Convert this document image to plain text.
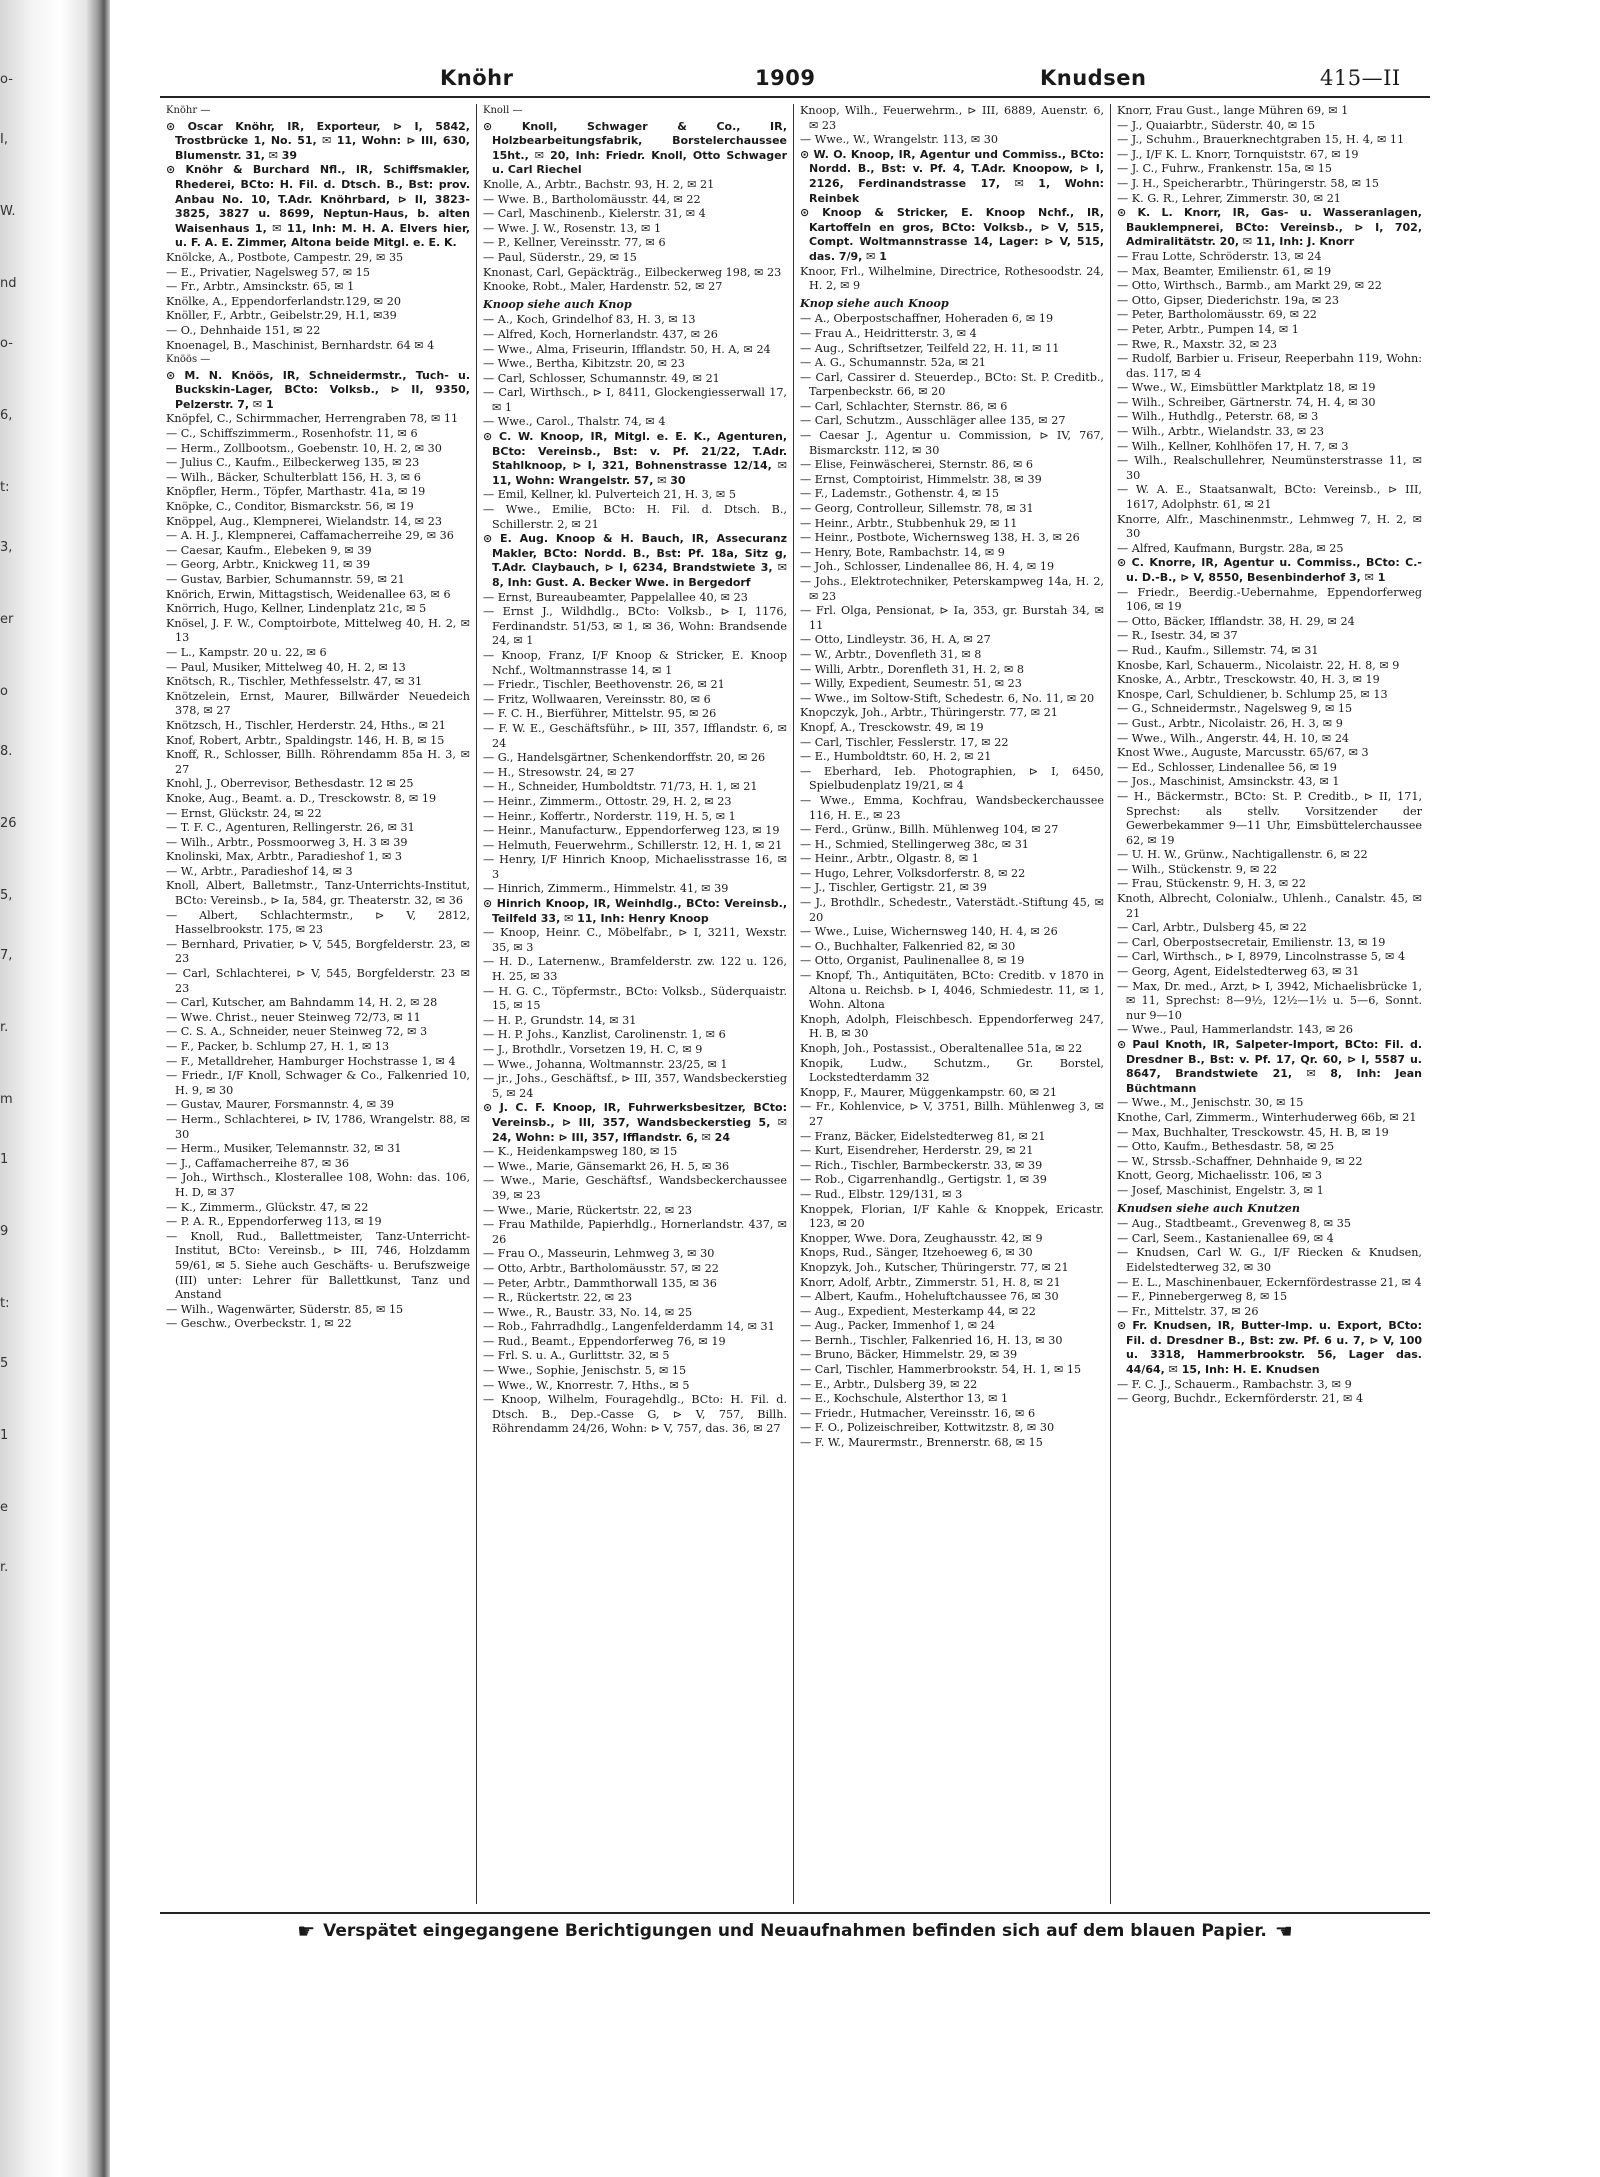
o-
I,
W.
nd
o-
6,
t:
3,
er
o
8.
26
5,
7,
r.
m
1
9
t:
5
1
e
r.
Knöhr	1909	Knudsen	415—II

Knöhr —

⊙ Oscar Knöhr, IR, Exporteur, ⊳ I, 5842, Trostbrücke 1, No. 51, ✉ 11, Wohn: ⊳ III, 630, Blumenstr. 31, ✉ 39

⊙ Knöhr & Burchard Nfl., IR, Schiffsmakler, Rhederei, BCto: H. Fil. d. Dtsch. B., Bst: prov. Anbau No. 10, T.Adr. Knöhrbard, ⊳ II, 3823-3825, 3827 u. 8699, Neptun-Haus, b. alten Waisenhaus 1, ✉ 11, Inh: M. H. A. Elvers hier, u. F. A. E. Zimmer, Altona beide Mitgl. e. E. K.

Knölcke, A., Postbote, Campestr. 29, ✉ 35

— E., Privatier, Nagelsweg 57, ✉ 15

— Fr., Arbtr., Amsinckstr. 65, ✉ 1

Knölke, A., Eppendorferlandstr.129, ✉ 20

Knöller, F., Arbtr., Geibelstr.29, H.1, ✉39

— O., Dehnhaide 151, ✉ 22

Knoenagel, B., Maschinist, Bernhardstr. 64 ✉ 4

Knöös —

⊙ M. N. Knöös, IR, Schneidermstr., Tuch- u. Buckskin-Lager, BCto: Volksb., ⊳ II, 9350, Pelzerstr. 7, ✉ 1

Knöpfel, C., Schirmmacher, Herrengraben 78, ✉ 11

— C., Schiffszimmerm., Rosenhofstr. 11, ✉ 6

— Herm., Zollbootsm., Goebenstr. 10, H. 2, ✉ 30

— Julius C., Kaufm., Eilbeckerweg 135, ✉ 23

— Wilh., Bäcker, Schulterblatt 156, H. 3, ✉ 6

Knöpfler, Herm., Töpfer, Marthastr. 41a, ✉ 19

Knöpke, C., Conditor, Bismarckstr. 56, ✉ 19

Knöppel, Aug., Klempnerei, Wielandstr. 14, ✉ 23

— A. H. J., Klempnerei, Caffamacherreihe 29, ✉ 36

— Caesar, Kaufm., Elebeken 9, ✉ 39

— Georg, Arbtr., Knickweg 11, ✉ 39

— Gustav, Barbier, Schumannstr. 59, ✉ 21

Knörich, Erwin, Mittagstisch, Weidenallee 63, ✉ 6

Knörrich, Hugo, Kellner, Lindenplatz 21c, ✉ 5

Knösel, J. F. W., Comptoirbote, Mittelweg 40, H. 2, ✉ 13

— L., Kampstr. 20 u. 22, ✉ 6

— Paul, Musiker, Mittelweg 40, H. 2, ✉ 13

Knötsch, R., Tischler, Methfesselstr. 47, ✉ 31

Knötzelein, Ernst, Maurer, Billwärder Neuedeich 378, ✉ 27

Knötzsch, H., Tischler, Herderstr. 24, Hths., ✉ 21

Knof, Robert, Arbtr., Spaldingstr. 146, H. B, ✉ 15

Knoff, R., Schlosser, Billh. Röhrendamm 85a H. 3, ✉ 27

Knohl, J., Oberrevisor, Bethesdastr. 12 ✉ 25

Knoke, Aug., Beamt. a. D., Tresckowstr. 8, ✉ 19

— Ernst, Glückstr. 24, ✉ 22

— T. F. C., Agenturen, Rellingerstr. 26, ✉ 31

— Wilh., Arbtr., Possmoorweg 3, H. 3 ✉ 39

Knolinski, Max, Arbtr., Paradieshof 1, ✉ 3

— W., Arbtr., Paradieshof 14, ✉ 3

Knoll, Albert, Balletmstr., Tanz-Unterrichts-Institut, BCto: Vereinsb., ⊳ Ia, 584, gr. Theaterstr. 32, ✉ 36

— Albert, Schlachtermstr., ⊳ V, 2812, Hasselbrookstr. 175, ✉ 23

— Bernhard, Privatier, ⊳ V, 545, Borgfelderstr. 23, ✉ 23

— Carl, Schlachterei, ⊳ V, 545, Borgfelderstr. 23 ✉ 23

— Carl, Kutscher, am Bahndamm 14, H. 2, ✉ 28

— Wwe. Christ., neuer Steinweg 72/73, ✉ 11

— C. S. A., Schneider, neuer Steinweg 72, ✉ 3

— F., Packer, b. Schlump 27, H. 1, ✉ 13

— F., Metalldreher, Hamburger Hochstrasse 1, ✉ 4

— Friedr., I/F Knoll, Schwager & Co., Falkenried 10, H. 9, ✉ 30

— Gustav, Maurer, Forsmannstr. 4, ✉ 39

— Herm., Schlachterei, ⊳ IV, 1786, Wrangelstr. 88, ✉ 30

— Herm., Musiker, Telemannstr. 32, ✉ 31

— J., Caffamacherreihe 87, ✉ 36

— Joh., Wirthsch., Klosterallee 108, Wohn: das. 106, H. D, ✉ 37

— K., Zimmerm., Glückstr. 47, ✉ 22

— P. A. R., Eppendorferweg 113, ✉ 19

— Knoll, Rud., Ballettmeister, Tanz-Unterricht-Institut, BCto: Vereinsb., ⊳ III, 746, Holzdamm 59/61, ✉ 5. Siehe auch Geschäfts- u. Berufszweige (III) unter: Lehrer für Ballettkunst, Tanz und Anstand

— Wilh., Wagenwärter, Süderstr. 85, ✉ 15

— Geschw., Overbeckstr. 1, ✉ 22

Knoll —

⊙ Knoll, Schwager & Co., IR, Holzbearbeitungsfabrik, Borstelerchaussee 15ht., ✉ 20, Inh: Friedr. Knoll, Otto Schwager u. Carl Riechel

Knolle, A., Arbtr., Bachstr. 93, H. 2, ✉ 21

— Wwe. B., Bartholomäusstr. 44, ✉ 22

— Carl, Maschinenb., Kielerstr. 31, ✉ 4

— Wwe. J. W., Rosenstr. 13, ✉ 1

— P., Kellner, Vereinsstr. 77, ✉ 6

— Paul, Süderstr., 29, ✉ 15

Knonast, Carl, Gepäckträg., Eilbeckerweg 198, ✉ 23

Knooke, Robt., Maler, Hardenstr. 52, ✉ 27

Knoop siehe auch Knop

— A., Koch, Grindelhof 83, H. 3, ✉ 13

— Alfred, Koch, Hornerlandstr. 437, ✉ 26

— Wwe., Alma, Friseurin, Ifflandstr. 50, H. A, ✉ 24

— Wwe., Bertha, Kibitzstr. 20, ✉ 23

— Carl, Schlosser, Schumannstr. 49, ✉ 21

— Carl, Wirthsch., ⊳ I, 8411, Glockengiesserwall 17, ✉ 1

— Wwe., Carol., Thalstr. 74, ✉ 4

⊙ C. W. Knoop, IR, Mitgl. e. E. K., Agenturen, BCto: Vereinsb., Bst: v. Pf. 21/22, T.Adr. Stahlknoop, ⊳ I, 321, Bohnenstrasse 12/14, ✉ 11, Wohn: Wrangelstr. 57, ✉ 30

— Emil, Kellner, kl. Pulverteich 21, H. 3, ✉ 5

— Wwe., Emilie, BCto: H. Fil. d. Dtsch. B., Schillerstr. 2, ✉ 21

⊙ E. Aug. Knoop & H. Bauch, IR, Assecuranz Makler, BCto: Nordd. B., Bst: Pf. 18a, Sitz g, T.Adr. Claybauch, ⊳ I, 6234, Brandstwiete 3, ✉ 8, Inh: Gust. A. Becker Wwe. in Bergedorf

— Ernst, Bureaubeamter, Pappelallee 40, ✉ 23

— Ernst J., Wildhdlg., BCto: Volksb., ⊳ I, 1176, Ferdinandstr. 51/53, ✉ 1, ✉ 36, Wohn: Brandsende 24, ✉ 1

— Knoop, Franz, I/F Knoop & Stricker, E. Knoop Nchf., Woltmannstrasse 14, ✉ 1

— Friedr., Tischler, Beethovenstr. 26, ✉ 21

— Fritz, Wollwaaren, Vereinsstr. 80, ✉ 6

— F. C. H., Bierführer, Mittelstr. 95, ✉ 26

— F. W. E., Geschäftsführ., ⊳ III, 357, Ifflandstr. 6, ✉ 24

— G., Handelsgärtner, Schenkendorffstr. 20, ✉ 26

— H., Stresowstr. 24, ✉ 27

— H., Schneider, Humboldtstr. 71/73, H. 1, ✉ 21

— Heinr., Zimmerm., Ottostr. 29, H. 2, ✉ 23

— Heinr., Koffertr., Norderstr. 119, H. 5, ✉ 1

— Heinr., Manufacturw., Eppendorferweg 123, ✉ 19

— Helmuth, Feuerwehrm., Schillerstr. 12, H. 1, ✉ 21

— Henry, I/F Hinrich Knoop, Michaelisstrasse 16, ✉ 3

— Hinrich, Zimmerm., Himmelstr. 41, ✉ 39

⊙ Hinrich Knoop, IR, Weinhdlg., BCto: Vereinsb., Teilfeld 33, ✉ 11, Inh: Henry Knoop

— Knoop, Heinr. C., Möbelfabr., ⊳ I, 3211, Wexstr. 35, ✉ 3

— H. D., Laternenw., Bramfelderstr. zw. 122 u. 126, H. 25, ✉ 33

— H. G. C., Töpfermstr., BCto: Volksb., Süderquaistr. 15, ✉ 15

— H. P., Grundstr. 14, ✉ 31

— H. P. Johs., Kanzlist, Carolinenstr. 1, ✉ 6

— J., Brothdlr., Vorsetzen 19, H. C, ✉ 9

— Wwe., Johanna, Woltmannstr. 23/25, ✉ 1

— jr., Johs., Geschäftsf., ⊳ III, 357, Wandsbeckerstieg 5, ✉ 24

⊙ J. C. F. Knoop, IR, Fuhrwerksbesitzer, BCto: Vereinsb., ⊳ III, 357, Wandsbeckerstieg 5, ✉ 24, Wohn: ⊳ III, 357, Ifflandstr. 6, ✉ 24

— K., Heidenkampsweg 180, ✉ 15

— Wwe., Marie, Gänsemarkt 26, H. 5, ✉ 36

— Wwe., Marie, Geschäftsf., Wandsbeckerchaussee 39, ✉ 23

— Wwe., Marie, Rückertstr. 22, ✉ 23

— Frau Mathilde, Papierhdlg., Hornerlandstr. 437, ✉ 26

— Frau O., Masseurin, Lehmweg 3, ✉ 30

— Otto, Arbtr., Bartholomäusstr. 57, ✉ 22

— Peter, Arbtr., Dammthorwall 135, ✉ 36

— R., Rückertstr. 22, ✉ 23

— Wwe., R., Baustr. 33, No. 14, ✉ 25

— Rob., Fahrradhdlg., Langenfelderdamm 14, ✉ 31

— Rud., Beamt., Eppendorferweg 76, ✉ 19

— Frl. S. u. A., Gurlittstr. 32, ✉ 5

— Wwe., Sophie, Jenischstr. 5, ✉ 15

— Wwe., W., Knorrestr. 7, Hths., ✉ 5

— Knoop, Wilhelm, Fouragehdlg., BCto: H. Fil. d. Dtsch. B., Dep.-Casse G, ⊳ V, 757, Billh. Röhrendamm 24/26, Wohn: ⊳ V, 757, das. 36, ✉ 27

Knoop, Wilh., Feuerwehrm., ⊳ III, 6889, Auenstr. 6, ✉ 23

— Wwe., W., Wrangelstr. 113, ✉ 30

⊙ W. O. Knoop, IR, Agentur und Commiss., BCto: Nordd. B., Bst: v. Pf. 4, T.Adr. Knoopow, ⊳ I, 2126, Ferdinandstrasse 17, ✉ 1, Wohn: Reinbek

⊙ Knoop & Stricker, E. Knoop Nchf., IR, Kartoffeln en gros, BCto: Volksb., ⊳ V, 515, Compt. Woltmannstrasse 14, Lager: ⊳ V, 515, das. 7/9, ✉ 1

Knoor, Frl., Wilhelmine, Directrice, Rothesoodstr. 24, H. 2, ✉ 9

Knop siehe auch Knoop

— A., Oberpostschaffner, Hoheraden 6, ✉ 19

— Frau A., Heidritterstr. 3, ✉ 4

— Aug., Schriftsetzer, Teilfeld 22, H. 11, ✉ 11

— A. G., Schumannstr. 52a, ✉ 21

— Carl, Cassirer d. Steuerdep., BCto: St. P. Creditb., Tarpenbeckstr. 66, ✉ 20

— Carl, Schlachter, Sternstr. 86, ✉ 6

— Carl, Schutzm., Ausschläger allee 135, ✉ 27

— Caesar J., Agentur u. Commission, ⊳ IV, 767, Bismarckstr. 112, ✉ 30

— Elise, Feinwäscherei, Sternstr. 86, ✉ 6

— Ernst, Comptoirist, Himmelstr. 38, ✉ 39

— F., Lademstr., Gothenstr. 4, ✉ 15

— Georg, Controlleur, Sillemstr. 78, ✉ 31

— Heinr., Arbtr., Stubbenhuk 29, ✉ 11

— Heinr., Postbote, Wichernsweg 138, H. 3, ✉ 26

— Henry, Bote, Rambachstr. 14, ✉ 9

— Joh., Schlosser, Lindenallee 86, H. 4, ✉ 19

— Johs., Elektrotechniker, Peterskampweg 14a, H. 2, ✉ 23

— Frl. Olga, Pensionat, ⊳ Ia, 353, gr. Burstah 34, ✉ 11

— Otto, Lindleystr. 36, H. A, ✉ 27

— W., Arbtr., Dovenfleth 31, ✉ 8

— Willi, Arbtr., Dorenfleth 31, H. 2, ✉ 8

— Willy, Expedient, Seumestr. 51, ✉ 23

— Wwe., im Soltow-Stift, Schedestr. 6, No. 11, ✉ 20

Knopczyk, Joh., Arbtr., Thüringerstr. 77, ✉ 21

Knopf, A., Tresckowstr. 49, ✉ 19

— Carl, Tischler, Fesslerstr. 17, ✉ 22

— E., Humboldtstr. 60, H. 2, ✉ 21

— Eberhard, Ieb. Photographien, ⊳ I, 6450, Spielbudenplatz 19/21, ✉ 4

— Wwe., Emma, Kochfrau, Wandsbeckerchaussee 116, H. E., ✉ 23

— Ferd., Grünw., Billh. Mühlenweg 104, ✉ 27

— H., Schmied, Stellingerweg 38c, ✉ 31

— Heinr., Arbtr., Olgastr. 8, ✉ 1

— Hugo, Lehrer, Volksdorferstr. 8, ✉ 22

— J., Tischler, Gertigstr. 21, ✉ 39

— J., Brothdlr., Schedestr., Vaterstädt.-Stiftung 45, ✉ 20

— Wwe., Luise, Wichernsweg 140, H. 4, ✉ 26

— O., Buchhalter, Falkenried 82, ✉ 30

— Otto, Organist, Paulinenallee 8, ✉ 19

— Knopf, Th., Antiquitäten, BCto: Creditb. v 1870 in Altona u. Reichsb. ⊳ I, 4046, Schmiedestr. 11, ✉ 1, Wohn. Altona

Knoph, Adolph, Fleischbesch. Eppendorferweg 247, H. B, ✉ 30

Knoph, Joh., Postassist., Oberaltenallee 51a, ✉ 22

Knopik, Ludw., Schutzm., Gr. Borstel, Lockstedterdamm 32

Knopp, F., Maurer, Müggenkampstr. 60, ✉ 21

— Fr., Kohlenvice, ⊳ V, 3751, Billh. Mühlenweg 3, ✉ 27

— Franz, Bäcker, Eidelstedterweg 81, ✉ 21

— Kurt, Eisendreher, Herderstr. 29, ✉ 21

— Rich., Tischler, Barmbeckerstr. 33, ✉ 39

— Rob., Cigarrenhandlg., Gertigstr. 1, ✉ 39

— Rud., Elbstr. 129/131, ✉ 3

Knoppek, Florian, I/F Kahle & Knoppek, Ericastr. 123, ✉ 20

Knopper, Wwe. Dora, Zeughausstr. 42, ✉ 9

Knops, Rud., Sänger, Itzehoeweg 6, ✉ 30

Knopzyk, Joh., Kutscher, Thüringerstr. 77, ✉ 21

Knorr, Adolf, Arbtr., Zimmerstr. 51, H. 8, ✉ 21

— Albert, Kaufm., Hoheluftchaussee 76, ✉ 30

— Aug., Expedient, Mesterkamp 44, ✉ 22

— Aug., Packer, Immenhof 1, ✉ 24

— Bernh., Tischler, Falkenried 16, H. 13, ✉ 30

— Bruno, Bäcker, Himmelstr. 29, ✉ 39

— Carl, Tischler, Hammerbrookstr. 54, H. 1, ✉ 15

— E., Arbtr., Dulsberg 39, ✉ 22

— E., Kochschule, Alsterthor 13, ✉ 1

— Friedr., Hutmacher, Vereinsstr. 16, ✉ 6

— F. O., Polizeischreiber, Kottwitzstr. 8, ✉ 30

— F. W., Maurermstr., Brennerstr. 68, ✉ 15

Knorr, Frau Gust., lange Mühren 69, ✉ 1

— J., Quaiarbtr., Süderstr. 40, ✉ 15

— J., Schuhm., Brauerknechtgraben 15, H. 4, ✉ 11

— J., I/F K. L. Knorr, Tornquiststr. 67, ✉ 19

— J. C., Fuhrw., Frankenstr. 15a, ✉ 15

— J. H., Speicherarbtr., Thüringerstr. 58, ✉ 15

— K. G. R., Lehrer, Zimmerstr. 30, ✉ 21

⊙ K. L. Knorr, IR, Gas- u. Wasseranlagen, Bauklempnerei, BCto: Vereinsb., ⊳ I, 702, Admiralitätstr. 20, ✉ 11, Inh: J. Knorr

— Frau Lotte, Schröderstr. 13, ✉ 24

— Max, Beamter, Emilienstr. 61, ✉ 19

— Otto, Wirthsch., Barmb., am Markt 29, ✉ 22

— Otto, Gipser, Diederichstr. 19a, ✉ 23

— Peter, Bartholomäusstr. 69, ✉ 22

— Peter, Arbtr., Pumpen 14, ✉ 1

— Rwe, R., Maxstr. 32, ✉ 23

— Rudolf, Barbier u. Friseur, Reeperbahn 119, Wohn: das. 117, ✉ 4

— Wwe., W., Eimsbüttler Marktplatz 18, ✉ 19

— Wilh., Schreiber, Gärtnerstr. 74, H. 4, ✉ 30

— Wilh., Huthdlg., Peterstr. 68, ✉ 3

— Wilh., Arbtr., Wielandstr. 33, ✉ 23

— Wilh., Kellner, Kohlhöfen 17, H. 7, ✉ 3

— Wilh., Realschullehrer, Neumünsterstrasse 11, ✉ 30

— W. A. E., Staatsanwalt, BCto: Vereinsb., ⊳ III, 1617, Adolphstr. 61, ✉ 21

Knorre, Alfr., Maschinenmstr., Lehmweg 7, H. 2, ✉ 30

— Alfred, Kaufmann, Burgstr. 28a, ✉ 25

⊙ C. Knorre, IR, Agentur u. Commiss., BCto: C.- u. D.-B., ⊳ V, 8550, Besenbinderhof 3, ✉ 1

— Friedr., Beerdig.-Uebernahme, Eppendorferweg 106, ✉ 19

— Otto, Bäcker, Ifflandstr. 38, H. 29, ✉ 24

— R., Isestr. 34, ✉ 37

— Rud., Kaufm., Sillemstr. 74, ✉ 31

Knosbe, Karl, Schauerm., Nicolaistr. 22, H. 8, ✉ 9

Knoske, A., Arbtr., Tresckowstr. 40, H. 3, ✉ 19

Knospe, Carl, Schuldiener, b. Schlump 25, ✉ 13

— G., Schneidermstr., Nagelsweg 9, ✉ 15

— Gust., Arbtr., Nicolaistr. 26, H. 3, ✉ 9

— Wwe., Wilh., Angerstr. 44, H. 10, ✉ 24

Knost Wwe., Auguste, Marcusstr. 65/67, ✉ 3

— Ed., Schlosser, Lindenallee 56, ✉ 19

— Jos., Maschinist, Amsinckstr. 43, ✉ 1

— H., Bäckermstr., BCto: St. P. Creditb., ⊳ II, 171, Sprechst: als stellv. Vorsitzender der Gewerbekammer 9—11 Uhr, Eimsbüttelerchaussee 62, ✉ 19

— U. H. W., Grünw., Nachtigallenstr. 6, ✉ 22

— Wilh., Stückenstr. 9, ✉ 22

— Frau, Stückenstr. 9, H. 3, ✉ 22

Knoth, Albrecht, Colonialw., Uhlenh., Canalstr. 45, ✉ 21

— Carl, Arbtr., Dulsberg 45, ✉ 22

— Carl, Oberpostsecretair, Emilienstr. 13, ✉ 19

— Carl, Wirthsch., ⊳ I, 8979, Lincolnstrasse 5, ✉ 4

— Georg, Agent, Eidelstedterweg 63, ✉ 31

— Max, Dr. med., Arzt, ⊳ I, 3942, Michaelisbrücke 1, ✉ 11, Sprechst: 8—9½, 12½—1½ u. 5—6, Sonnt. nur 9—10

— Wwe., Paul, Hammerlandstr. 143, ✉ 26

⊙ Paul Knoth, IR, Salpeter-Import, BCto: Fil. d. Dresdner B., Bst: v. Pf. 17, Qr. 60, ⊳ I, 5587 u. 8647, Brandstwiete 21, ✉ 8, Inh: Jean Büchtmann

— Wwe., M., Jenischstr. 30, ✉ 15

Knothe, Carl, Zimmerm., Winterhuderweg 66b, ✉ 21

— Max, Buchhalter, Tresckowstr. 45, H. B, ✉ 19

— Otto, Kaufm., Bethesdastr. 58, ✉ 25

— W., Strssb.-Schaffner, Dehnhaide 9, ✉ 22

Knott, Georg, Michaelisstr. 106, ✉ 3

— Josef, Maschinist, Engelstr. 3, ✉ 1

Knudsen siehe auch Knutzen

— Aug., Stadtbeamt., Grevenweg 8, ✉ 35

— Carl, Seem., Kastanienallee 69, ✉ 4

— Knudsen, Carl W. G., I/F Riecken & Knudsen, Eidelstedterweg 32, ✉ 30

— E. L., Maschinenbauer, Eckernfördestrasse 21, ✉ 4

— F., Pinnebergerweg 8, ✉ 15

— Fr., Mittelstr. 37, ✉ 26

⊙ Fr. Knudsen, IR, Butter-Imp. u. Export, BCto: Fil. d. Dresdner B., Bst: zw. Pf. 6 u. 7, ⊳ V, 100 u. 3318, Hammerbrookstr. 56, Lager das. 44/64, ✉ 15, Inh: H. E. Knudsen

— F. C. J., Schauerm., Rambachstr. 3, ✉ 9

— Georg, Buchdr., Eckernförderstr. 21, ✉ 4

☛ Verspätet eingegangene Berichtigungen und Neuaufnahmen befinden sich auf dem blauen Papier. ☚
